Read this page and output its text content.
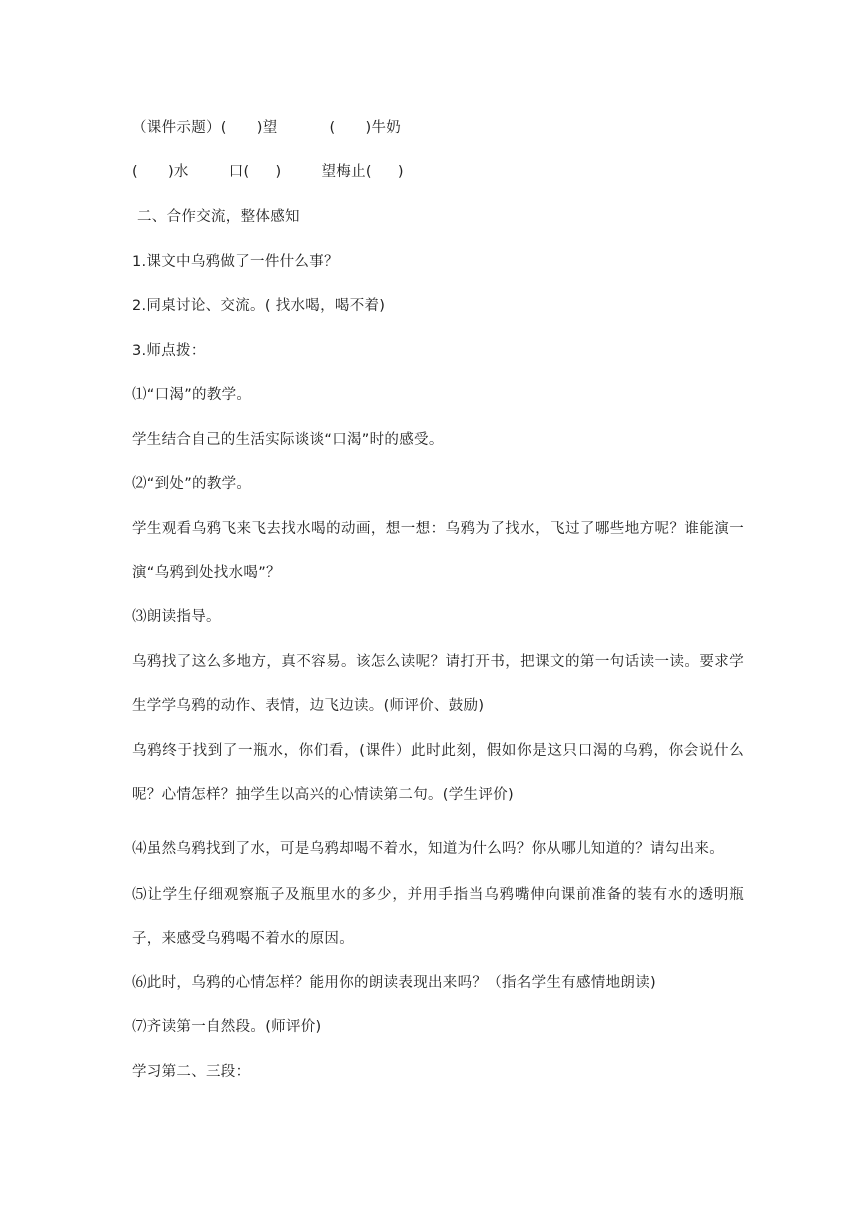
（课件示题）( )望	( )牛奶
( )水	口( )	望梅止( )
二、合作交流，整体感知
1.课文中乌鸦做了一件什么事？
2.同桌讨论、交流。( 找水喝，喝不着)
3.师点拨：
⑴“口渴”的教学。
学生结合自己的生活实际谈谈“口渴”时的感受。
⑵“到处”的教学。
学生观看乌鸦飞来飞去找水喝的动画，想一想：乌鸦为了找水，飞过了哪些地方呢？谁能演一演“乌鸦到处找水喝”？
⑶朗读指导。
乌鸦找了这么多地方，真不容易。该怎么读呢？请打开书，把课文的第一句话读一读。要求学生学学乌鸦的动作、表情，边飞边读。(师评价、鼓励)
乌鸦终于找到了一瓶水，你们看，(课件）此时此刻，假如你是这只口渴的乌鸦，你会说什么呢？心情怎样？抽学生以高兴的心情读第二句。(学生评价)
⑷虽然乌鸦找到了水，可是乌鸦却喝不着水，知道为什么吗？你从哪儿知道的？请勾出来。
⑸让学生仔细观察瓶子及瓶里水的多少，并用手指当乌鸦嘴伸向课前准备的装有水的透明瓶子，来感受乌鸦喝不着水的原因。
⑹此时，乌鸦的心情怎样？能用你的朗读表现出来吗？（指名学生有感情地朗读)
⑺齐读第一自然段。(师评价)
学习第二、三段：
